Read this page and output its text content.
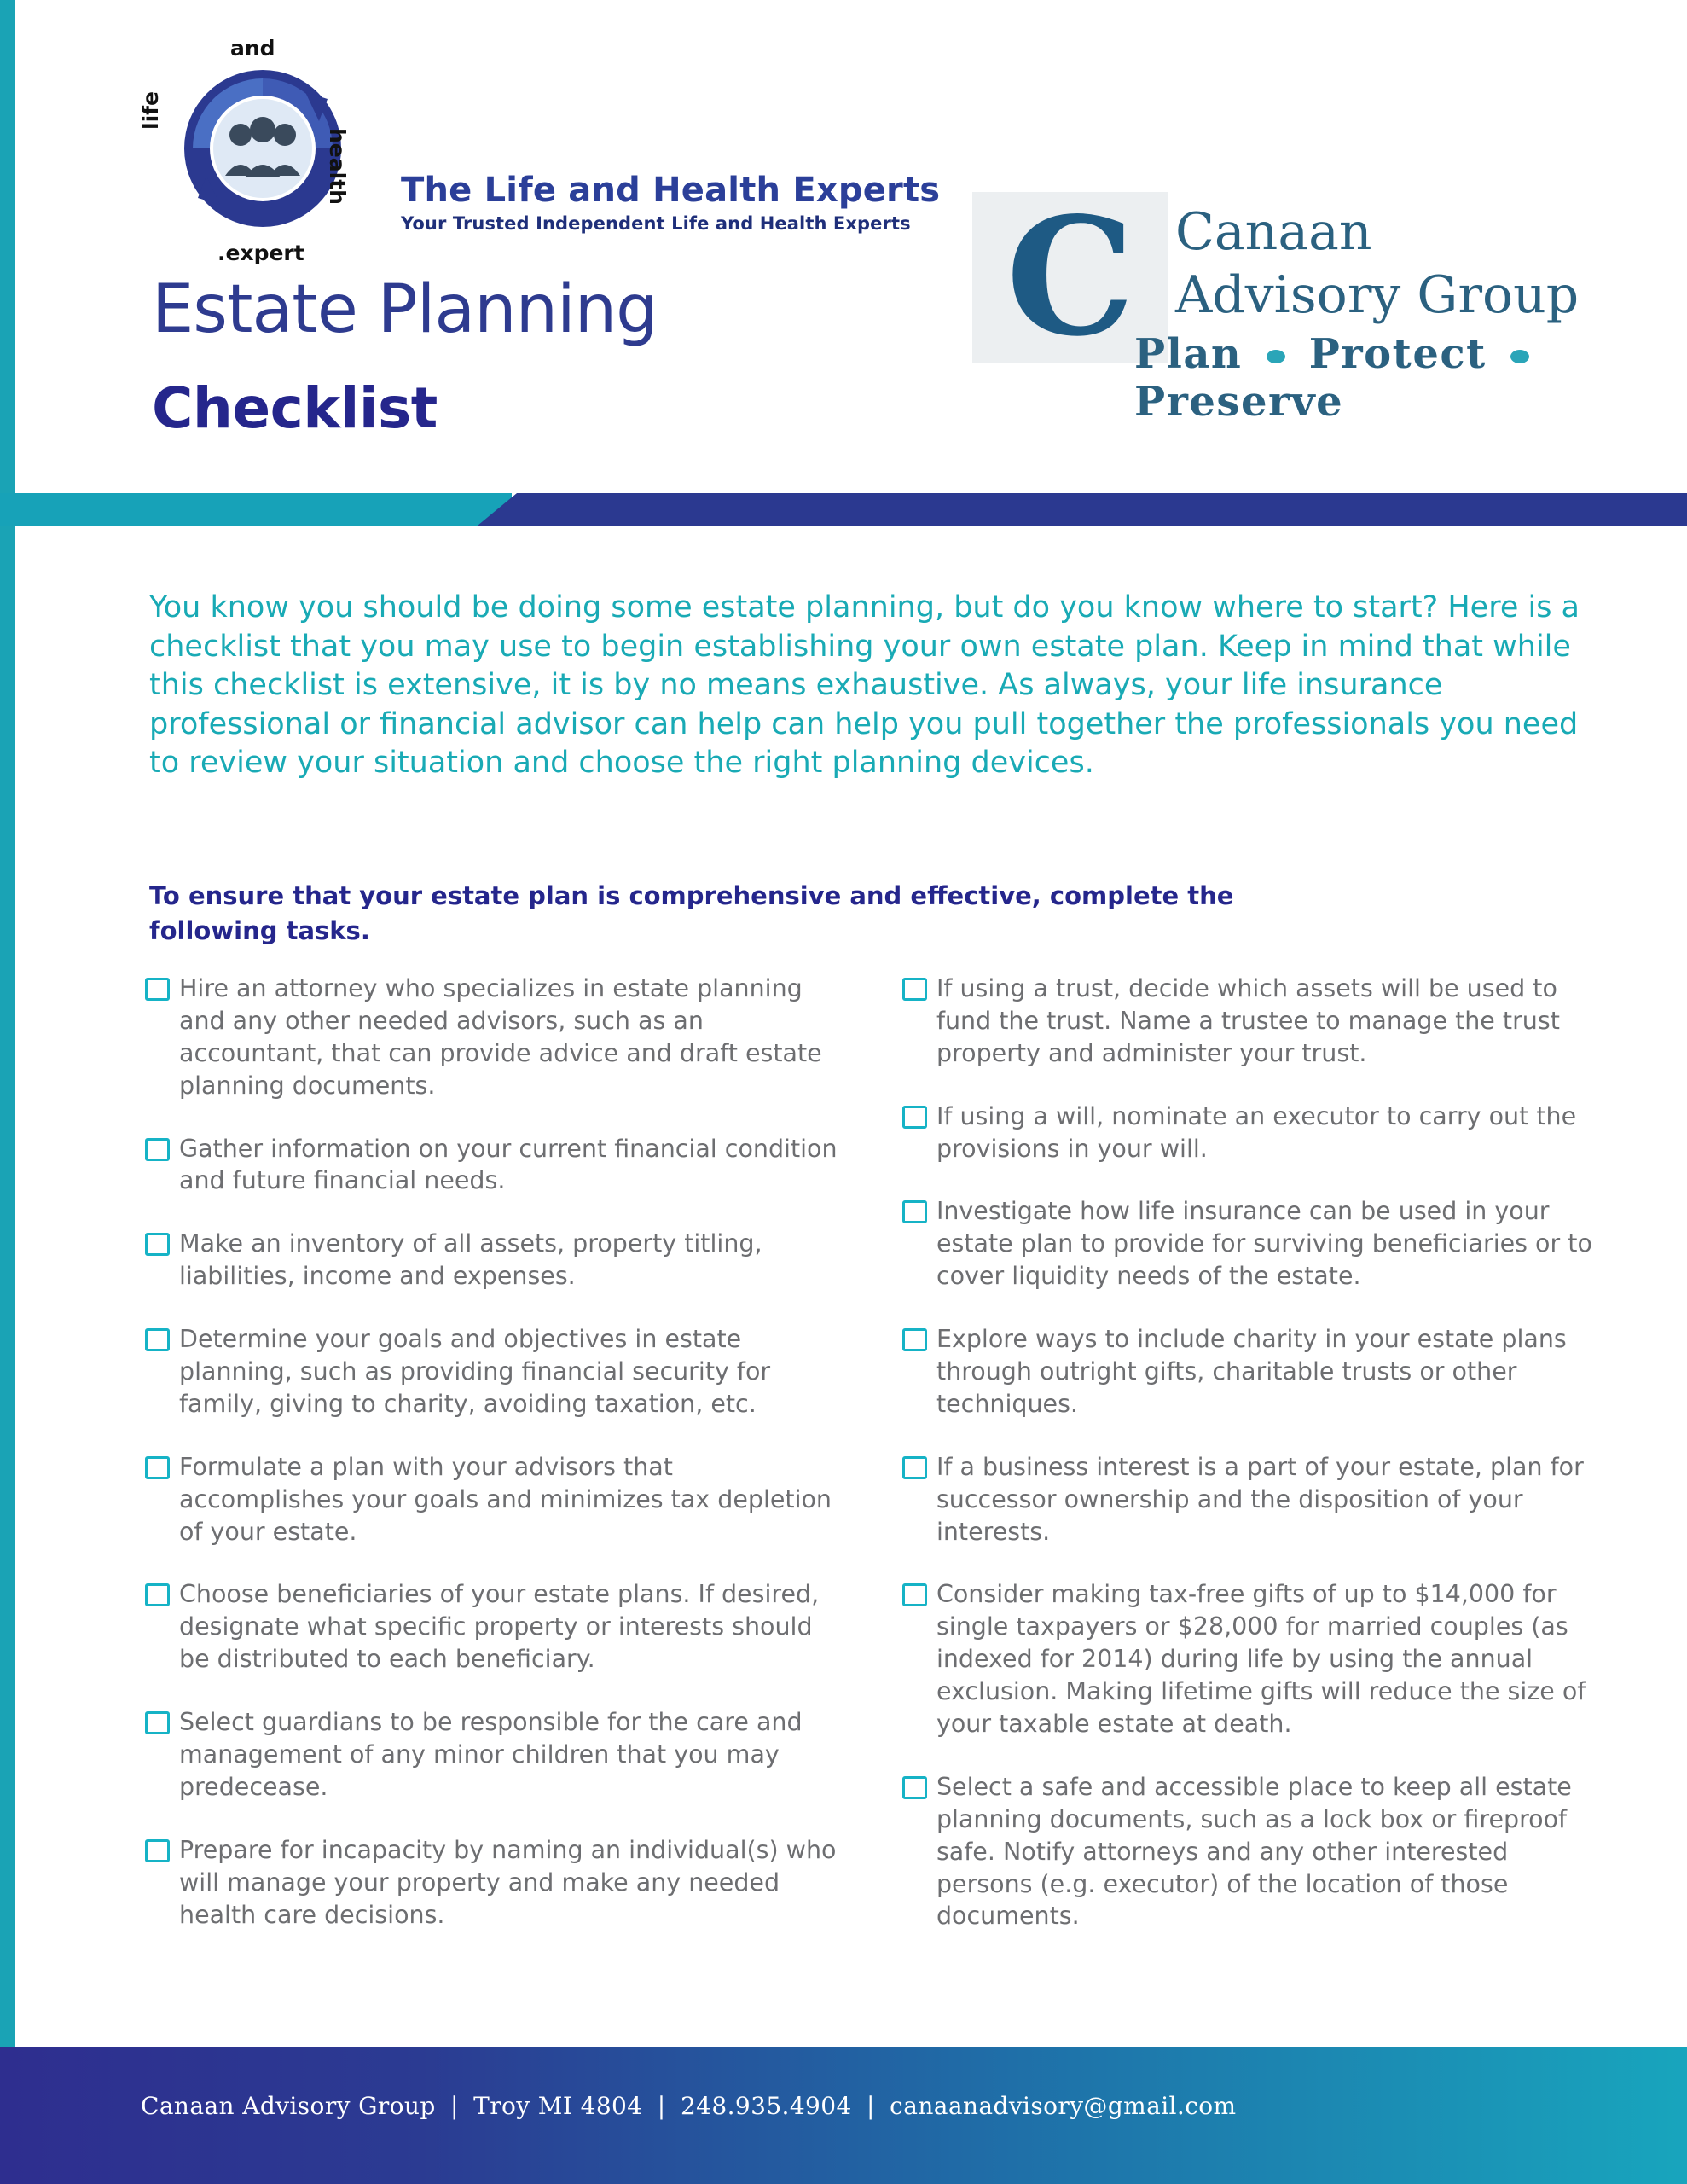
and
life
health
.expert
The Life and Health Experts
Your Trusted Independent Life and Health Experts
Estate Planning
Checklist
C Canaan
Advisory Group
Plan Protect  Preserve
You know you should be doing some estate planning, but do you know where to start? Here is a checklist that you may use to begin establishing your own estate plan. Keep in mind that while this checklist is extensive, it is by no means exhaustive. As always, your life insurance professional or financial advisor can help can help you pull together the professionals you need to review your situation and choose the right planning devices.
To ensure that your estate plan is comprehensive and effective, complete the following tasks.
Hire an attorney who specializes in estate planning and any other needed advisors, such as an accountant, that can provide advice and draft estate planning documents.
Gather information on your current financial condition and future financial needs.
Make an inventory of all assets, property titling, liabilities, income and expenses.
Determine your goals and objectives in estate planning, such as providing financial security for family, giving to charity, avoiding taxation, etc.
Formulate a plan with your advisors that accomplishes your goals and minimizes tax depletion of your estate.
Choose beneficiaries of your estate plans. If desired, designate what specific property or interests should be distributed to each beneficiary.
Select guardians to be responsible for the care and management of any minor children that you may predecease.
Prepare for incapacity by naming an individual(s) who will manage your property and make any needed health care decisions.
If using a trust, decide which assets will be used to fund the trust. Name a trustee to manage the trust property and administer your trust.
If using a will, nominate an executor to carry out the provisions in your will.
Investigate how life insurance can be used in your estate plan to provide for surviving beneficiaries or to cover liquidity needs of the estate.
Explore ways to include charity in your estate plans through outright gifts, charitable trusts or other techniques.
If a business interest is a part of your estate, plan for successor ownership and the disposition of your interests.
Consider making tax-free gifts of up to $14,000 for single taxpayers or $28,000 for married couples (as indexed for 2014) during life by using the annual exclusion. Making lifetime gifts will reduce the size of your taxable estate at death.
Select a safe and accessible place to keep all estate planning documents, such as a lock box or fireproof safe. Notify attorneys and any other interested persons (e.g. executor) of the location of those documents.
Canaan Advisory Group | Troy MI 4804 | 248.935.4904 | canaanadvisory@gmail.com
